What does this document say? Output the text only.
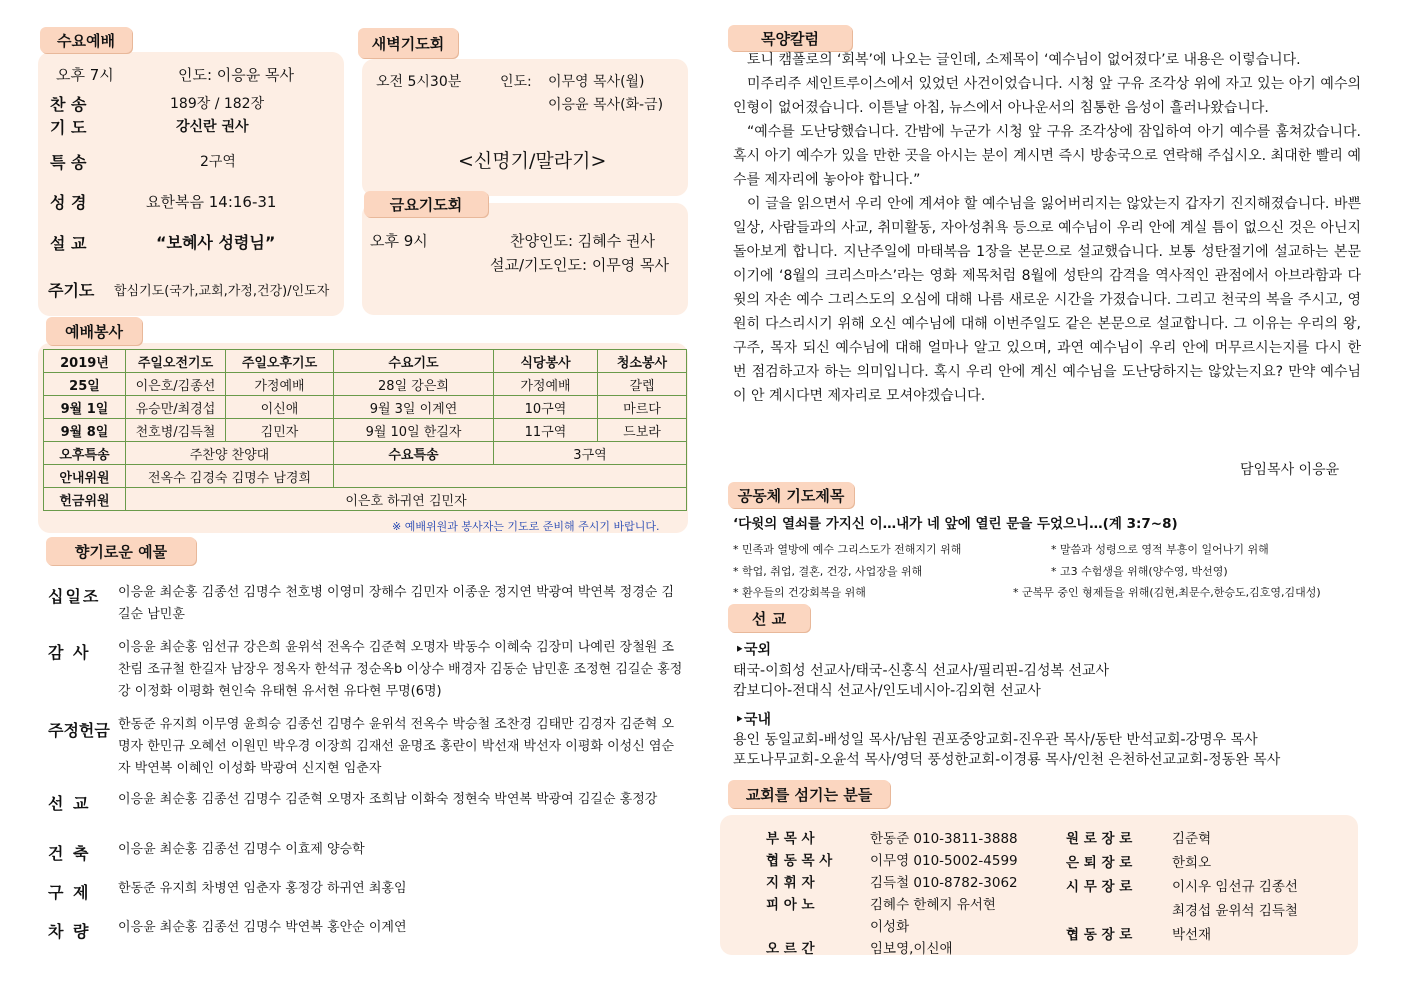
수요예배
오후 7시	인도: 이응윤 목사
찬 송	189장 / 182장
기 도	강신란 권사
특 송	2구역
성 경	요한복음 14:16-31
설 교	“보혜사 성령님”
주기도 합심기도(국가,교회,가정,건강)/인도자
새벽기도회
오전 5시30분	인도: 이무영 목사(월)
이응윤 목사(화-금)
<신명기/말라기>
금요기도회
오후 9시	찬양인도: 김혜수 권사
설교/기도인도: 이무영 목사
예배봉사
2019년	주일오전기도	주일오후기도	수요기도	식당봉사	청소봉사
25일	이은호/김종선	가정예배	28일 강은희	가정예배	갈렙
9월 1일	유승만/최경섭	이신애	9월 3일 이계연	10구역	마르다
9월 8일	천호병/김득철	김민자	9월 10일 한길자	11구역	드보라
오후특송	주찬양 찬양대		수요특송	3구역	
안내위원	전옥수 김경숙 김명수 남경희				
헌금위원	이은호 하귀연 김민자				
※ 예배위원과 봉사자는 기도로 준비해 주시기 바랍니다.
향기로운 예물
십일조 이응윤 최순홍 김종선 김명수 천호병 이영미 장해수 김민자 이종운 정지연 박광여 박연복 정경순 김길순 남민훈
감 사 이응윤 최순홍 임선규 강은희 윤위석 전옥수 김준혁 오명자 박동수 이혜숙 김장미 나예린 장철원 조찬림 조규철 한길자 남장우 정옥자 한석규 정순옥b 이상수 배경자 김동순 남민훈 조정현 김길순 홍정강 이정화 이평화 현인숙 유태현 유서현 유다현 무명(6명)
주정헌금 한동준 유지희 이무영 윤희승 김종선 김명수 윤위석 전옥수 박승철 조찬경 김태만 김경자 김준혁 오명자 한민규 오혜선 이원민 박우경 이장희 김재선 윤명조 홍란이 박선재 박선자 이평화 이성신 염순자 박연복 이혜인 이성화 박광여 신지현 임춘자
선 교 이응윤 최순홍 김종선 김명수 김준혁 오명자 조희남 이화숙 정현숙 박연복 박광여 김길순 홍정강
건 축 이응윤 최순홍 김종선 김명수 이효제 양승학
구 제 한동준 유지희 차병연 임춘자 홍정강 하귀연 최홍임
차 량 이응윤 최순홍 김종선 김명수 박연복 홍안순 이계연
목양칼럼

토니 캠폴로의 ‘회복’에 나오는 글인데, 소제목이 ‘예수님이 없어졌다’로 내용은 이렇습니다.

미주리주 세인트루이스에서 있었던 사건이었습니다. 시청 앞 구유 조각상 위에 자고 있는 아기 예수의 인형이 없어졌습니다. 이튿날 아침, 뉴스에서 아나운서의 침통한 음성이 흘러나왔습니다.

“예수를 도난당했습니다. 간밤에 누군가 시청 앞 구유 조각상에 잠입하여 아기 예수를 훔쳐갔습니다. 혹시 아기 예수가 있을 만한 곳을 아시는 분이 계시면 즉시 방송국으로 연락해 주십시오. 최대한 빨리 예수를 제자리에 놓아야 합니다.”

이 글을 읽으면서 우리 안에 계셔야 할 예수님을 잃어버리지는 않았는지 갑자기 진지해졌습니다. 바쁜 일상, 사람들과의 사교, 취미활동, 자아성취욕 등으로 예수님이 우리 안에 계실 틈이 없으신 것은 아닌지 돌아보게 합니다. 지난주일에 마태복음 1장을 본문으로 설교했습니다. 보통 성탄절기에 설교하는 본문이기에 ‘8월의 크리스마스’라는 영화 제목처럼 8월에 성탄의 감격을 역사적인 관점에서 아브라함과 다윗의 자손 예수 그리스도의 오심에 대해 나름 새로운 시간을 가졌습니다. 그리고 천국의 복을 주시고, 영원히 다스리시기 위해 오신 예수님에 대해 이번주일도 같은 본문으로 설교합니다. 그 이유는 우리의 왕, 구주, 목자 되신 예수님에 대해 얼마나 알고 있으며, 과연 예수님이 우리 안에 머무르시는지를 다시 한 번 점검하고자 하는 의미입니다. 혹시 우리 안에 계신 예수님을 도난당하지는 않았는지요? 만약 예수님이 안 계시다면 제자리로 모셔야겠습니다.

담임목사 이응윤
공동체 기도제목
‘다윗의 열쇠를 가지신 이…내가 네 앞에 열린 문을 두었으니…(계 3:7~8)
* 민족과 열방에 예수 그리스도가 전해지기 위해	* 말씀과 성령으로 영적 부흥이 일어나기 위해
* 학업, 취업, 결혼, 건강, 사업장을 위해	* 고3 수험생을 위해(양수영, 박선영)
* 환우들의 건강회복을 위해	* 군복무 중인 형제들을 위해(김현,최문수,한승도,김호영,김대성)
선 교
‣국외
태국-이희성 선교사/태국-신홍식 선교사/필리핀-김성복 선교사
캄보디아-전대식 선교사/인도네시아-김외현 선교사
‣국내
용인 동일교회-배성일 목사/남원 권포중앙교회-진우관 목사/동탄 반석교회-강명우 목사
포도나무교회-오윤석 목사/영덕 풍성한교회-이경룡 목사/인천 은천하선교교회-정동완 목사
교회를 섬기는 분들
부 목 사	한동준 010-3811-3888
협 동 목 사	이무영 010-5002-4599
지 휘 자	김득철 010-8782-3062
피 아 노	김혜수 한혜지 유서현
	이성화
오 르 간	임보영,이신애
원 로 장 로	김준혁
은 퇴 장 로	한희오
시 무 장 로	이시우 임선규 김종선
	최경섭 윤위석 김득철
협 동 장 로	박선재
